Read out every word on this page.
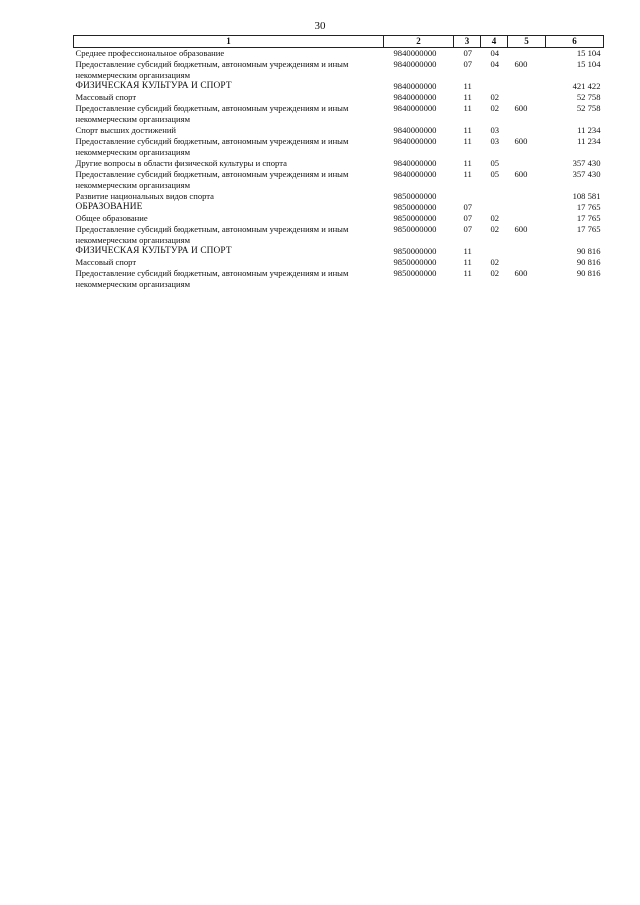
30
1	2	3	4	5	6
Среднее профессиональное образование	9840000000	07	04		15 104
Предоставление субсидий бюджетным, автономным учреждениям и иным некоммерческим организациям	9840000000	07	04	600	15 104
ФИЗИЧЕСКАЯ КУЛЬТУРА И СПОРТ	9840000000	11			421 422
Массовый спорт	9840000000	11	02		52 758
Предоставление субсидий бюджетным, автономным учреждениям и иным некоммерческим организациям	9840000000	11	02	600	52 758
Спорт высших достижений	9840000000	11	03		11 234
Предоставление субсидий бюджетным, автономным учреждениям и иным некоммерческим организациям	9840000000	11	03	600	11 234
Другие вопросы в области физической культуры и спорта	9840000000	11	05		357 430
Предоставление субсидий бюджетным, автономным учреждениям и иным некоммерческим организациям	9840000000	11	05	600	357 430
Развитие национальных видов спорта	9850000000				108 581
ОБРАЗОВАНИЕ	9850000000	07			17 765
Общее образование	9850000000	07	02		17 765
Предоставление субсидий бюджетным, автономным учреждениям и иным некоммерческим организациям	9850000000	07	02	600	17 765
ФИЗИЧЕСКАЯ КУЛЬТУРА И СПОРТ	9850000000	11			90 816
Массовый спорт	9850000000	11	02		90 816
Предоставление субсидий бюджетным, автономным учреждениям и иным некоммерческим организациям	9850000000	11	02	600	90 816
